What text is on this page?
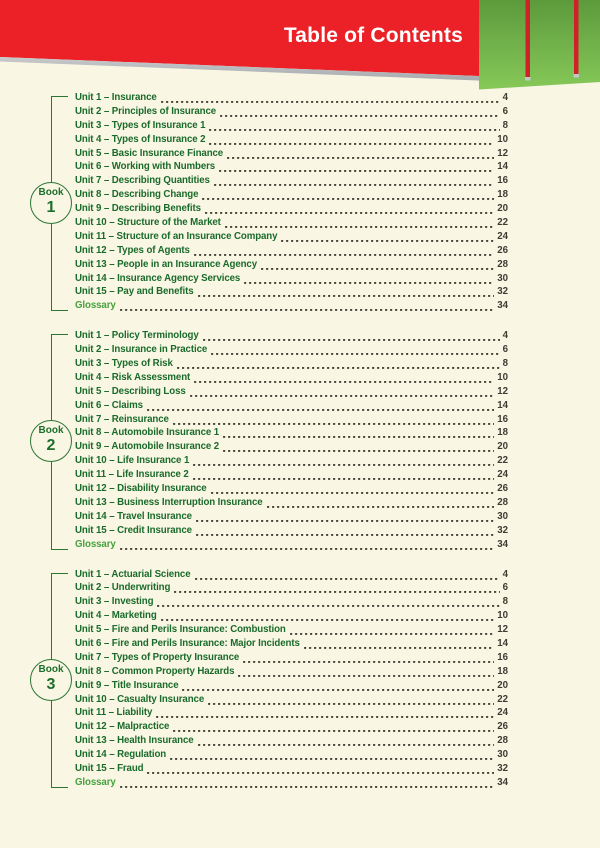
Table of Contents
Book
1
Unit 1 – Insurance	4
Unit 2 – Principles of Insurance	6
Unit 3 – Types of Insurance 1	8
Unit 4 – Types of Insurance 2	10
Unit 5 – Basic Insurance Finance	12
Unit 6 – Working with Numbers	14
Unit 7 – Describing Quantities	16
Unit 8 – Describing Change	18
Unit 9 – Describing Benefits	20
Unit 10 – Structure of the Market	22
Unit 11 – Structure of an Insurance Company	24
Unit 12 – Types of Agents	26
Unit 13 – People in an Insurance Agency	28
Unit 14 – Insurance Agency Services	30
Unit 15 – Pay and Benefits	32
Glossary	34
Book
2
Unit 1 – Policy Terminology	4
Unit 2 – Insurance in Practice	6
Unit 3 – Types of Risk	8
Unit 4 – Risk Assessment	10
Unit 5 – Describing Loss	12
Unit 6 – Claims	14
Unit 7 – Reinsurance	16
Unit 8 – Automobile Insurance 1	18
Unit 9 – Automobile Insurance 2	20
Unit 10 – Life Insurance 1	22
Unit 11 – Life Insurance 2	24
Unit 12 – Disability Insurance	26
Unit 13 – Business Interruption Insurance	28
Unit 14 – Travel Insurance	30
Unit 15 – Credit Insurance	32
Glossary	34
Book
3
Unit 1 – Actuarial Science	4
Unit 2 – Underwriting	6
Unit 3 – Investing	8
Unit 4 – Marketing	10
Unit 5 – Fire and Perils Insurance: Combustion	12
Unit 6 – Fire and Perils Insurance: Major Incidents	14
Unit 7 – Types of Property Insurance	16
Unit 8 – Common Property Hazards	18
Unit 9 – Title Insurance	20
Unit 10 – Casualty Insurance	22
Unit 11 – Liability	24
Unit 12 – Malpractice	26
Unit 13 – Health Insurance	28
Unit 14 – Regulation	30
Unit 15 – Fraud	32
Glossary	34
